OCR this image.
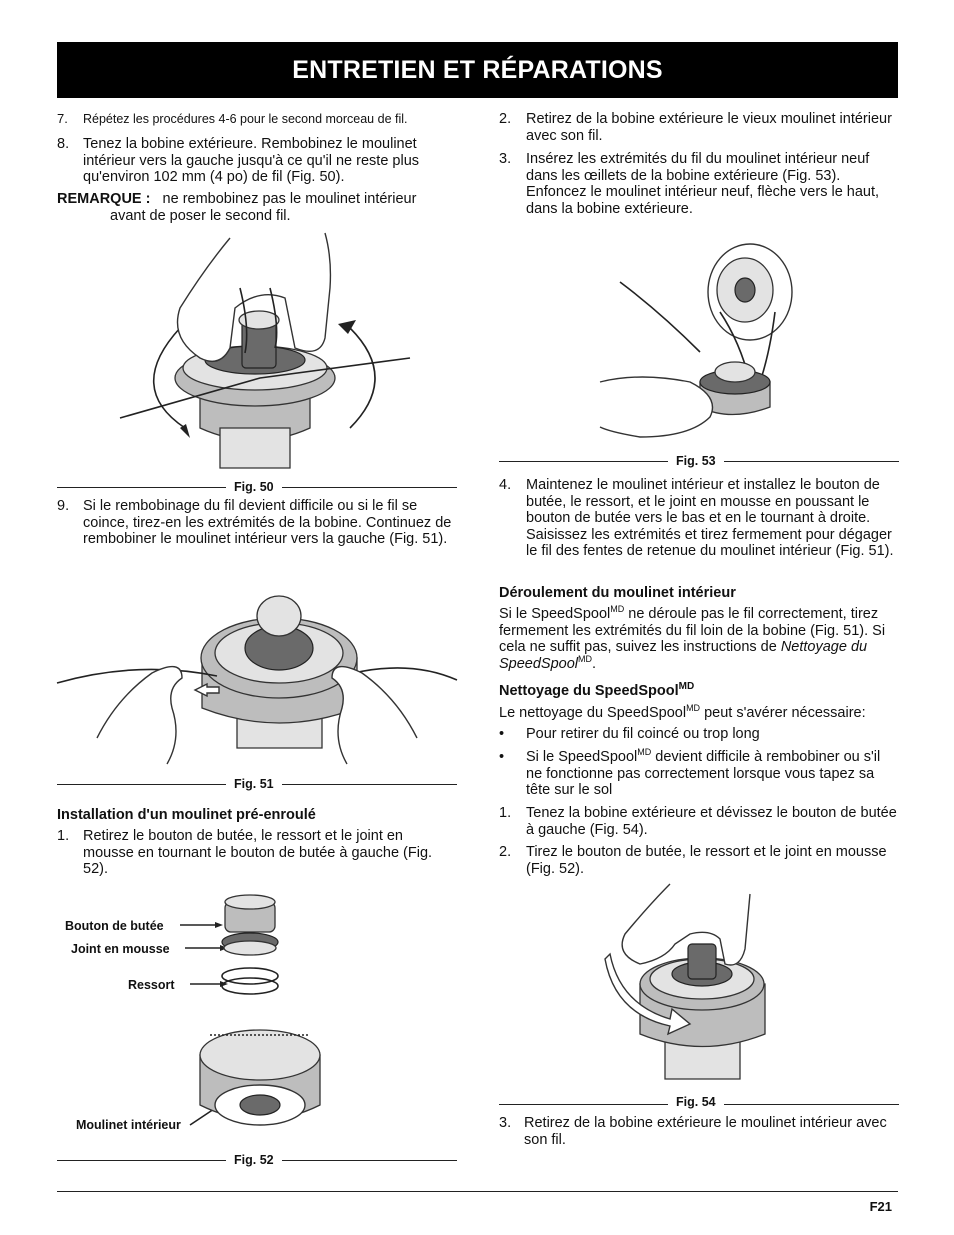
ENTRETIEN ET RÉPARATIONS
7.	Répétez les procédures 4-6 pour le second morceau de fil.
8. Tenez la bobine extérieure. Rembobinez le moulinet intérieur vers la gauche jusqu'à ce qu'il ne reste plus qu'environ 102 mm (4 po) de fil (Fig. 50).
REMARQUE : ne rembobinez pas le moulinet intérieur
avant de poser le second fil.
Fig. 50
9. Si le rembobinage du fil devient difficile ou si le fil se coince, tirez-en les extrémités de la bobine. Continuez de rembobiner le moulinet intérieur vers la gauche (Fig. 51).
Fig. 51
Installation d'un moulinet pré-enroulé
1. Retirez le bouton de butée, le ressort et le joint en mousse en tournant le bouton de butée à gauche (Fig. 52).
Bouton de butée
Joint en mousse
Ressort
Moulinet intérieur
Fig. 52
2.	Retirez de la bobine extérieure le vieux moulinet intérieur avec son fil.
3.	Insérez les extrémités du fil du moulinet intérieur neuf dans les œillets de la bobine extérieure (Fig. 53). Enfoncez le moulinet intérieur neuf, flèche vers le haut, dans la bobine extérieure.
Fig. 53
4.	Maintenez le moulinet intérieur et installez le bouton de butée, le ressort, et le joint en mousse en poussant le bouton de butée vers le bas et en le tournant à droite. Saisissez les extrémités et tirez fermement pour dégager le fil des fentes de retenue du moulinet intérieur (Fig. 51).
Déroulement du moulinet intérieur
Si le SpeedSpool$^{MD}$ ne déroule pas le fil correctement, tirez fermement les extrémités du fil loin de la bobine (Fig. 51). Si cela ne suffit pas, suivez les instructions de Nettoyage du SpeedSpool$^{MD}$.
Nettoyage du SpeedSpool$^{MD}$
Le nettoyage du SpeedSpool$^{MD}$ peut s'avérer nécessaire:
•	Pour retirer du fil coincé ou trop long
•	Si le SpeedSpool$^{MD}$ devient difficile à rembobiner ou s'il ne fonctionne pas correctement lorsque vous tapez sa tête sur le sol
1.	Tenez la bobine extérieure et dévissez le bouton de butée à gauche (Fig. 54).
2.	Tirez le bouton de butée, le ressort et le joint en mousse (Fig. 52).
Fig. 54
3. Retirez de la bobine extérieure le moulinet intérieur avec son fil.
F21
